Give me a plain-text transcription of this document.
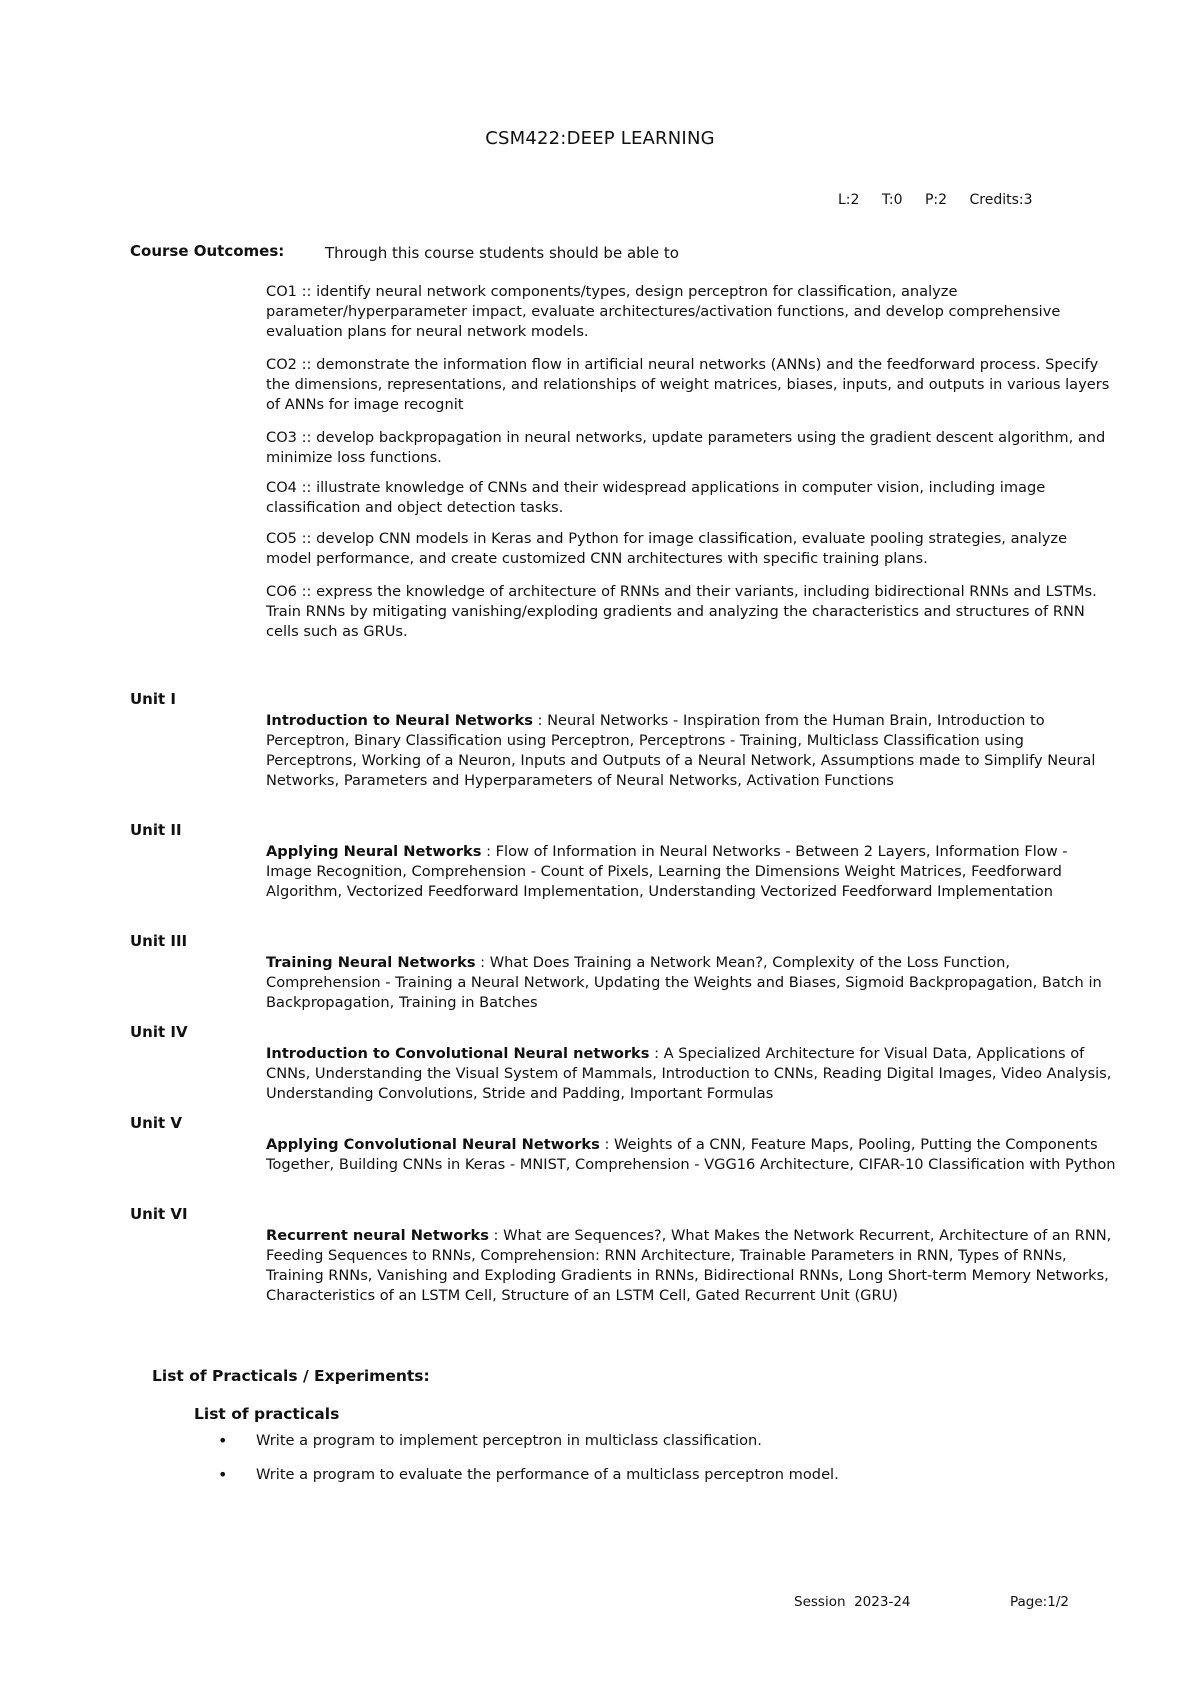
CSM422:DEEP LEARNING
L:2 T:0 P:2 Credits:3
Course Outcomes:	Through this course students should be able to

CO1 :: identify neural network components/types, design perceptron for classification, analyze parameter/hyperparameter impact, evaluate architectures/activation functions, and develop comprehensive evaluation plans for neural network models.

CO2 :: demonstrate the information flow in artificial neural networks (ANNs) and the feedforward process. Specify the dimensions, representations, and relationships of weight matrices, biases, inputs, and outputs in various layers of ANNs for image recognit

CO3 :: develop backpropagation in neural networks, update parameters using the gradient descent algorithm, and minimize loss functions.

CO4 :: illustrate knowledge of CNNs and their widespread applications in computer vision, including image classification and object detection tasks.

CO5 :: develop CNN models in Keras and Python for image classification, evaluate pooling strategies, analyze model performance, and create customized CNN architectures with specific training plans.

CO6 :: express the knowledge of architecture of RNNs and their variants, including bidirectional RNNs and LSTMs. Train RNNs by mitigating vanishing/exploding gradients and analyzing the characteristics and structures of RNN cells such as GRUs.

Unit I
Introduction to Neural Networks : Neural Networks - Inspiration from the Human Brain, Introduction to Perceptron, Binary Classification using Perceptron, Perceptrons - Training, Multiclass Classification using Perceptrons, Working of a Neuron, Inputs and Outputs of a Neural Network, Assumptions made to Simplify Neural Networks, Parameters and Hyperparameters of Neural Networks, Activation Functions
Unit II
Applying Neural Networks : Flow of Information in Neural Networks - Between 2 Layers, Information Flow - Image Recognition, Comprehension - Count of Pixels, Learning the Dimensions Weight Matrices, Feedforward Algorithm, Vectorized Feedforward Implementation, Understanding Vectorized Feedforward Implementation
Unit III
Training Neural Networks : What Does Training a Network Mean?, Complexity of the Loss Function, Comprehension - Training a Neural Network, Updating the Weights and Biases, Sigmoid Backpropagation, Batch in Backpropagation, Training in Batches
Unit IV
Introduction to Convolutional Neural networks : A Specialized Architecture for Visual Data, Applications of CNNs, Understanding the Visual System of Mammals, Introduction to CNNs, Reading Digital Images, Video Analysis, Understanding Convolutions, Stride and Padding, Important Formulas
Unit V
Applying Convolutional Neural Networks : Weights of a CNN, Feature Maps, Pooling, Putting the Components Together, Building CNNs in Keras - MNIST, Comprehension - VGG16 Architecture, CIFAR-10 Classification with Python
Unit VI
Recurrent neural Networks : What are Sequences?, What Makes the Network Recurrent, Architecture of an RNN, Feeding Sequences to RNNs, Comprehension: RNN Architecture, Trainable Parameters in RNN, Types of RNNs, Training RNNs, Vanishing and Exploding Gradients in RNNs, Bidirectional RNNs, Long Short-term Memory Networks, Characteristics of an LSTM Cell, Structure of an LSTM Cell, Gated Recurrent Unit (GRU)
List of Practicals / Experiments:
List of practicals
•	Write a program to implement perceptron in multiclass classification.
•	Write a program to evaluate the performance of a multiclass perceptron model.
Session  2023-24	Page:1/2
